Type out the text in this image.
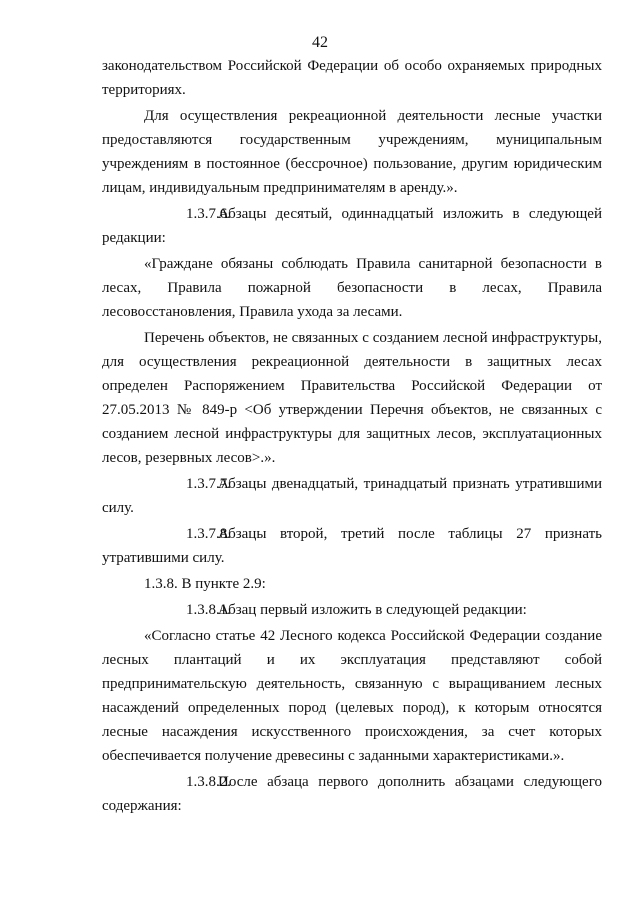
42

законодательством Российской Федерации об особо охраняемых природных территориях.

Для осуществления рекреационной деятельности лесные участки предоставляются государственным учреждениям, муниципальным учреждениям в постоянное (бессрочное) пользование, другим юридическим лицам, индивидуальным предпринимателям в аренду.».

1.3.7.6.Абзацы десятый, одиннадцатый изложить в следующей редакции:

«Граждане обязаны соблюдать Правила санитарной безопасности в лесах, Правила пожарной безопасности в лесах, Правила лесовосстановления, Правила ухода за лесами.

Перечень объектов, не связанных с созданием лесной инфраструктуры, для осуществления рекреационной деятельности в защитных лесах определен Распоряжением Правительства Российской Федерации от 27.05.2013 № 849-р <Об утверждении Перечня объектов, не связанных с созданием лесной инфраструктуры для защитных лесов, эксплуатационных лесов, резервных лесов>.».

1.3.7.7.Абзацы двенадцатый, тринадцатый признать утратившими силу.

1.3.7.8.Абзацы второй, третий после таблицы 27 признать утратившими силу.

1.3.8. В пункте 2.9:

1.3.8.1.Абзац первый изложить в следующей редакции:

«Согласно статье 42 Лесного кодекса Российской Федерации создание лесных плантаций и их эксплуатация представляют собой предпринимательскую деятельность, связанную с выращиванием лесных насаждений определенных пород (целевых пород), к которым относятся лесные насаждения искусственного происхождения, за счет которых обеспечивается получение древесины с заданными характеристиками.».

1.3.8.2.После абзаца первого дополнить абзацами следующего содержания:
